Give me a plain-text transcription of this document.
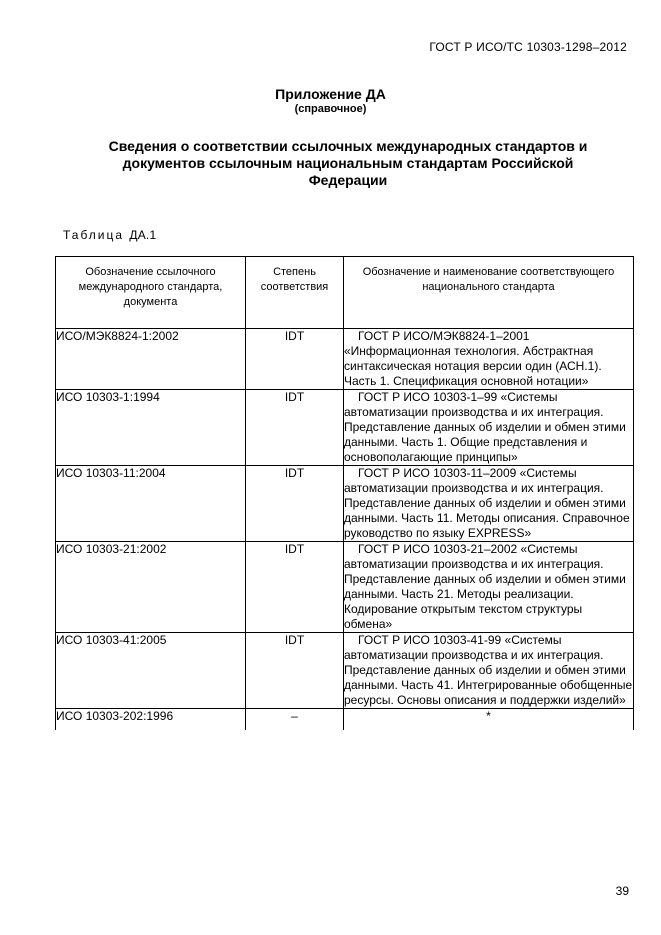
ГОСТ Р ИСО/ТС 10303-1298–2012
Приложение ДА
(справочное)
Сведения о соответствии ссылочных международных стандартов и
документов ссылочным национальным стандартам Российской
Федерации
Таблица ДА.1
Обозначение ссылочного международного стандарта, документа	Степень соответствия	Обозначение и наименование соответствующего национального стандарта
ИСО/МЭК8824-1:2002	IDT	ГОСТ Р ИСО/МЭК8824-1–2001 «Информационная технология. Абстрактная синтаксическая нотация версии один (АСН.1). Часть 1. Спецификация основной нотации»
ИСО 10303-1:1994	IDT	ГОСТ Р ИСО 10303-1–99 «Системы автоматизации производства и их интеграция. Представление данных об изделии и обмен этими данными. Часть 1. Общие представления и основополагающие принципы»
ИСО 10303-11:2004	IDT	ГОСТ Р ИСО 10303-11–2009 «Системы автоматизации производства и их интеграция. Представление данных об изделии и обмен этими данными. Часть 11. Методы описания. Справочное руководство по языку EXPRESS»
ИСО 10303-21:2002	IDT	ГОСТ Р ИСО 10303-21–2002 «Системы автоматизации производства и их интеграция. Представление данных об изделии и обмен этими данными. Часть 21. Методы реализации. Кодирование открытым текстом структуры обмена»
ИСО 10303-41:2005	IDT	ГОСТ Р ИСО 10303-41-99 «Системы автоматизации производства и их интеграция. Представление данных об изделии и обмен этими данными. Часть 41. Интегрированные обобщенные ресурсы. Основы описания и поддержки изделий»
ИСО 10303-202:1996	–	*
39
